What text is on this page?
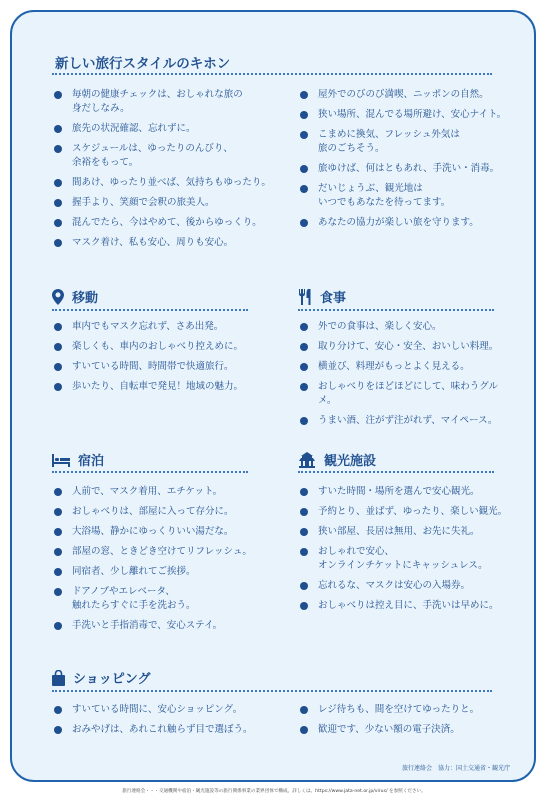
新しい旅行スタイルのキホン
毎朝の健康チェックは、おしゃれな旅の
身だしなみ。
旅先の状況確認、忘れずに。
スケジュールは、ゆったりのんびり、
余裕をもって。
間あけ、ゆったり並べば、気持ちもゆったり。
握手より、笑顔で会釈の旅美人。
混んでたら、今はやめて、後からゆっくり。
マスク着け、私も安心、周りも安心。
屋外でのびのび満喫、ニッポンの自然。
狭い場所、混んでる場所避け、安心ナイト。
こまめに換気、フレッシュ外気は
旅のごちそう。
旅ゆけば、何はともあれ、手洗い・消毒。
だいじょうぶ、観光地は
いつでもあなたを待ってます。
あなたの協力が楽しい旅を守ります。
移動
車内でもマスク忘れず、さあ出発。
楽しくも、車内のおしゃべり控えめに。
すいている時間、時間帯で快適旅行。
歩いたり、自転車で発見！地域の魅力。
食事
外での食事は、楽しく安心。
取り分けて、安心・安全、おいしい料理。
横並び、料理がもっとよく見える。
おしゃべりをほどほどにして、味わうグルメ。
うまい酒、注がず注がれず、マイペース。
宿泊
人前で、マスク着用、エチケット。
おしゃべりは、部屋に入って存分に。
大浴場、静かにゆっくりいい湯だな。
部屋の窓、ときどき空けてリフレッシュ。
同宿者、少し離れてご挨拶。
ドアノブやエレベータ、
触れたらすぐに手を洗おう。
手洗いと手指消毒で、安心ステイ。
観光施設
すいた時間・場所を選んで安心観光。
予約とり、並ばず、ゆったり、楽しい観光。
狭い部屋、長居は無用、お先に失礼。
おしゃれで安心、
オンラインチケットにキャッシュレス。
忘れるな、マスクは安心の入場券。
おしゃべりは控え目に、手洗いは早めに。
ショッピング
すいている時間に、安心ショッピング。
おみやげは、あれこれ触らず目で選ぼう。
レジ待ちも、間を空けてゆったりと。
歓迎です、少ない額の電子決済。
旅行連絡会　協力：国土交通省・観光庁
旅行連絡会・・・交通機関や宿泊・観光施設等の旅行関係事業の業界団体で構成。詳しくは、https://www.jata-net.or.jp/virus/ を参照ください。
